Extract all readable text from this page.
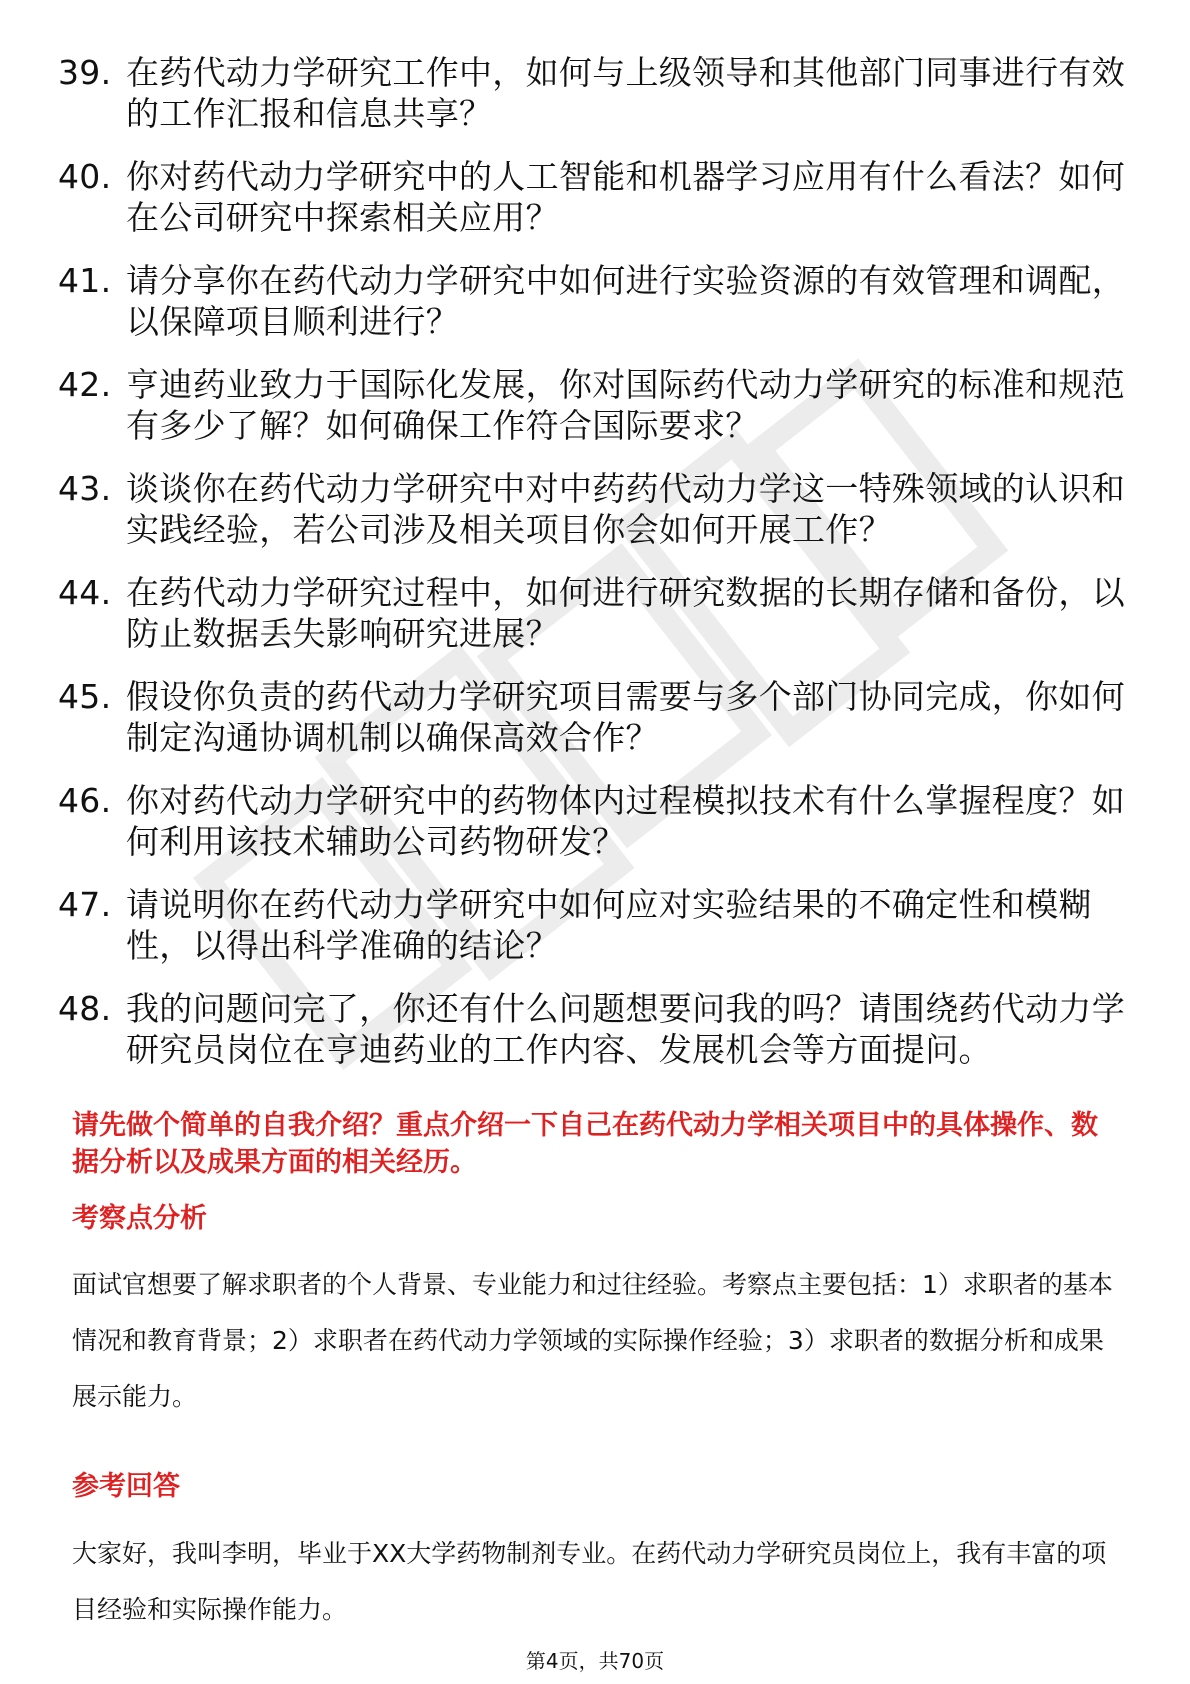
39. 在药代动力学研究工作中，如何与上级领导和其他部门同事进行有效的工作汇报和信息共享？
40. 你对药代动力学研究中的人工智能和机器学习应用有什么看法？如何在公司研究中探索相关应用？
41. 请分享你在药代动力学研究中如何进行实验资源的有效管理和调配，以保障项目顺利进行？
42. 亨迪药业致力于国际化发展，你对国际药代动力学研究的标准和规范有多少了解？如何确保工作符合国际要求？
43. 谈谈你在药代动力学研究中对中药药代动力学这一特殊领域的认识和实践经验，若公司涉及相关项目你会如何开展工作？
44. 在药代动力学研究过程中，如何进行研究数据的长期存储和备份，以防止数据丢失影响研究进展？
45. 假设你负责的药代动力学研究项目需要与多个部门协同完成，你如何制定沟通协调机制以确保高效合作？
46. 你对药代动力学研究中的药物体内过程模拟技术有什么掌握程度？如何利用该技术辅助公司药物研发？
47. 请说明你在药代动力学研究中如何应对实验结果的不确定性和模糊性，以得出科学准确的结论？
48. 我的问题问完了，你还有什么问题想要问我的吗？请围绕药代动力学研究员岗位在亨迪药业的工作内容、发展机会等方面提问。
请先做个简单的自我介绍？重点介绍一下自己在药代动力学相关项目中的具体操作、数据分析以及成果方面的相关经历。
考察点分析
面试官想要了解求职者的个人背景、专业能力和过往经验。考察点主要包括：1）求职者的基本情况和教育背景；2）求职者在药代动力学领域的实际操作经验；3）求职者的数据分析和成果展示能力。
参考回答
大家好，我叫李明，毕业于XX大学药物制剂专业。在药代动力学研究员岗位上，我有丰富的项目经验和实际操作能力。
第4页，共70页
